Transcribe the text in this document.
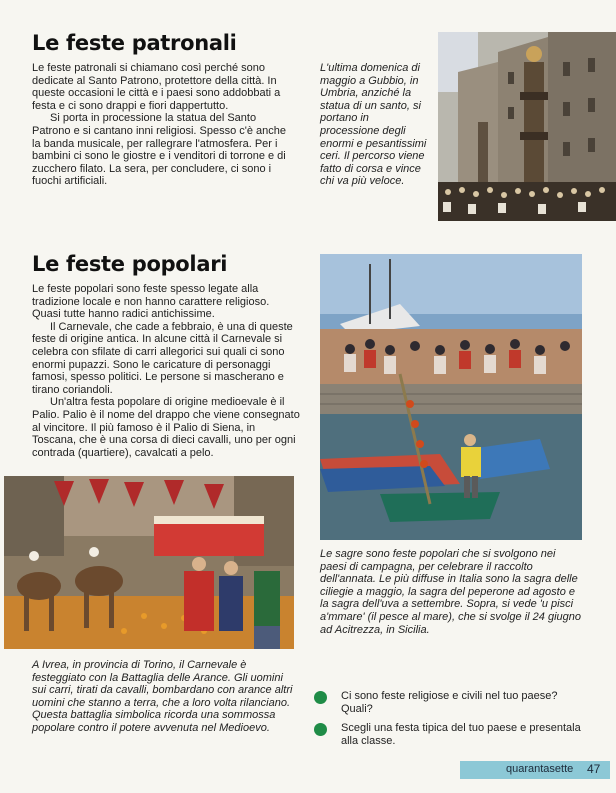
Le feste patronali

Le feste patronali si chiamano così perché sono dedicate al Santo Patrono, protettore della città. In queste occasioni le città e i paesi sono addobbati a festa e ci sono drappi e fiori dappertutto.

Si porta in processione la statua del Santo Patrono e si cantano inni religiosi. Spesso c'è anche la banda musicale, per rallegrare l'atmosfera. Per i bambini ci sono le giostre e i venditori di torrone e di zucchero filato. La sera, per concludere, ci sono i fuochi artificiali.

L'ultima domenica di maggio a Gubbio, in Umbria, anziché la statua di un santo, si portano in processione degli enormi e pesantissimi ceri. Il percorso viene fatto di corsa e vince chi va più veloce.
Le feste popolari

Le feste popolari sono feste spesso legate alla tradizione locale e non hanno carattere religioso. Quasi tutte hanno radici antichissime.

Il Carnevale, che cade a febbraio, è una di queste feste di origine antica. In alcune città il Carnevale si celebra con sfilate di carri allegorici sui quali ci sono enormi pupazzi. Sono le caricature di personaggi famosi, spesso politici. Le persone si mascherano e tirano coriandoli.

Un'altra festa popolare di origine medioevale è il Palio. Palio è il nome del drappo che viene consegnato al vincitore. Il più famoso è il Palio di Siena, in Toscana, che è una corsa di dieci cavalli, uno per ogni contrada (quartiere), cavalcati a pelo.

Le sagre sono feste popolari che si svolgono nei paesi di campagna, per celebrare il raccolto dell'annata. Le più diffuse in Italia sono la sagra delle ciliegie a maggio, la sagra del peperone ad agosto e la sagra dell'uva a settembre. Sopra, si vede 'u pisci a'mmare' (il pesce al mare), che si svolge il 24 giugno ad Acitrezza, in Sicilia.
A Ivrea, in provincia di Torino, il Carnevale è festeggiato con la Battaglia delle Arance. Gli uomini sui carri, tirati da cavalli, bombardano con arance altri uomini che stanno a terra, che a loro volta rilanciano. Questa battaglia simbolica ricorda una sommossa popolare contro il potere avvenuta nel Medioevo.
Ci sono feste religiose e civili nel tuo paese? Quali?
Scegli una festa tipica del tuo paese e presentala alla classe.
quarantasette 47
